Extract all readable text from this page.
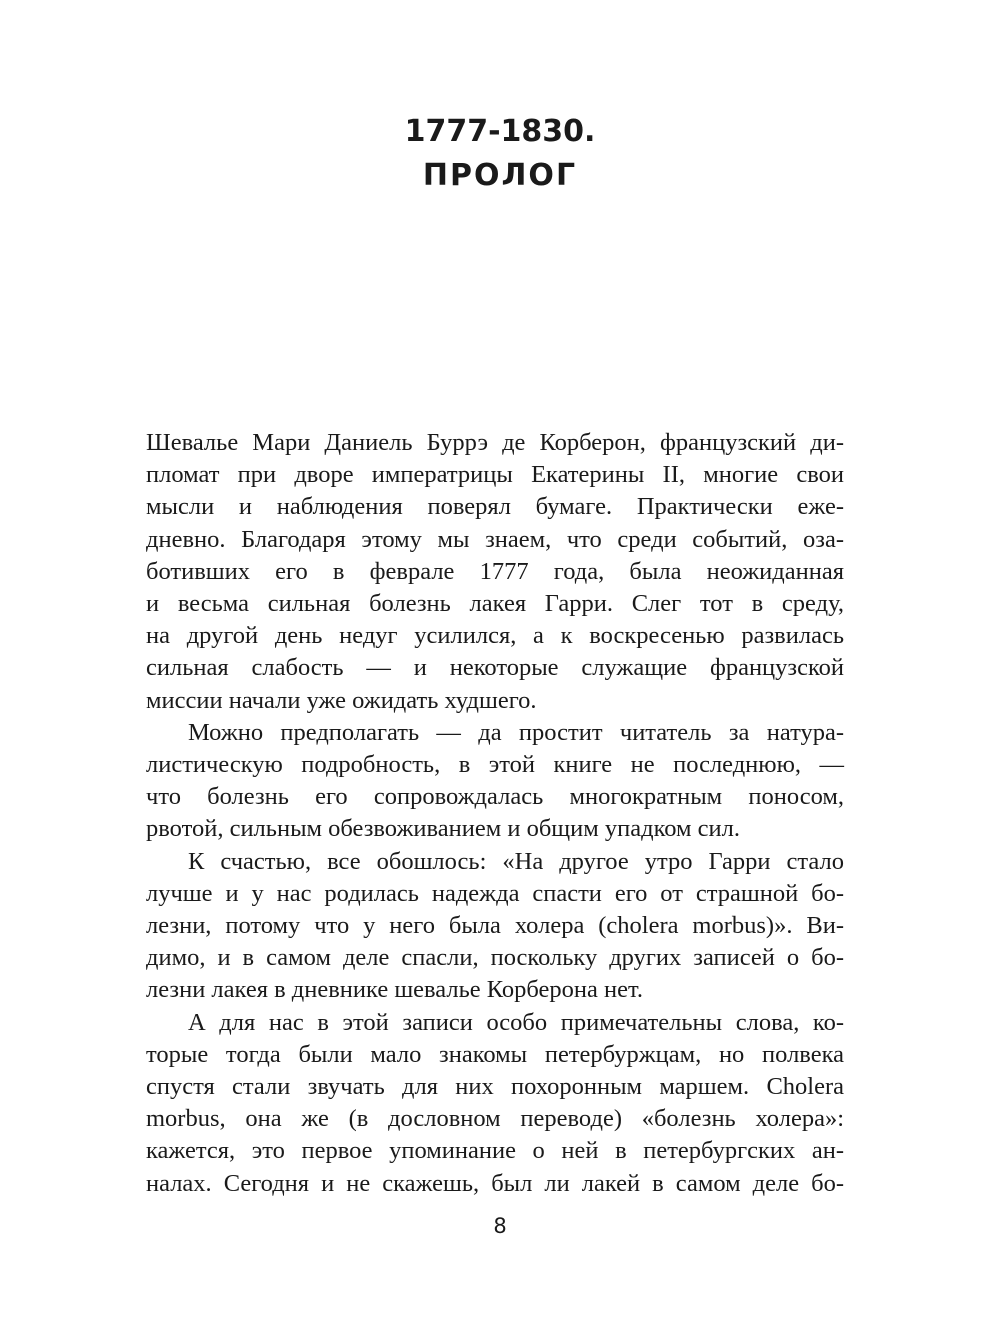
1777-1830.
ПРОЛОГ
Шевалье Мари Даниель Буррэ де Корберон, французский ди-
пломат при дворе императрицы Екатерины II, многие свои
мысли и наблюдения поверял бумаге. Практически еже-
дневно. Благодаря этому мы знаем, что среди событий, оза-
ботивших его в феврале 1777 года, была неожиданная
и весьма сильная болезнь лакея Гарри. Слег тот в среду,
на другой день недуг усилился, а к воскресенью развилась
сильная слабость — и некоторые служащие французской
миссии начали уже ожидать худшего.
Можно предполагать — да простит читатель за натура-
листическую подробность, в этой книге не последнюю, —
что болезнь его сопровождалась многократным поносом,
рвотой, сильным обезвоживанием и общим упадком сил.
К счастью, все обошлось: «На другое утро Гарри стало
лучше и у нас родилась надежда спасти его от страшной бо-
лезни, потому что у него была холера (cholera morbus)». Ви-
димо, и в самом деле спасли, поскольку других записей о бо-
лезни лакея в дневнике шевалье Корберона нет.
А для нас в этой записи особо примечательны слова, ко-
торые тогда были мало знакомы петербуржцам, но полвека
спустя стали звучать для них похоронным маршем. Cholera
morbus, она же (в дословном переводе) «болезнь холера»:
кажется, это первое упоминание о ней в петербургских ан-
налах. Сегодня и не скажешь, был ли лакей в самом деле бо-
8
